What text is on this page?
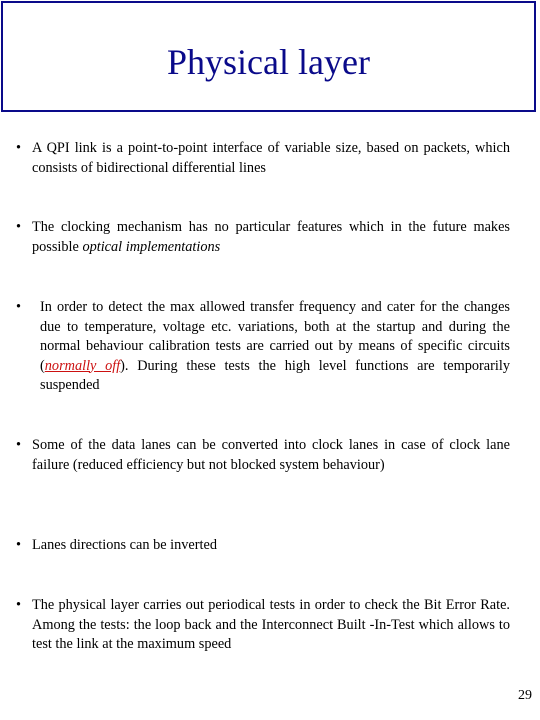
Physical layer
• A QPI link is a point-to-point interface of variable size, based on packets, which consists of bidirectional differential lines
• The clocking mechanism has no particular features which in the future makes possible optical implementations
•	In order to detect the max allowed transfer frequency and cater for the changes due to temperature, voltage etc. variations, both at the startup and during the normal behaviour calibration tests are carried out by means of specific circuits (normally off). During these tests the high level functions are temporarily suspended
• Some of the data lanes can be converted into clock lanes in case of clock lane failure (reduced efficiency but not blocked system behaviour)
• Lanes directions can be inverted
• The physical layer carries out periodical tests in order to check the Bit Error Rate. Among the tests: the loop back and the Interconnect Built -In-Test which allows to test the link at the maximum speed
29
